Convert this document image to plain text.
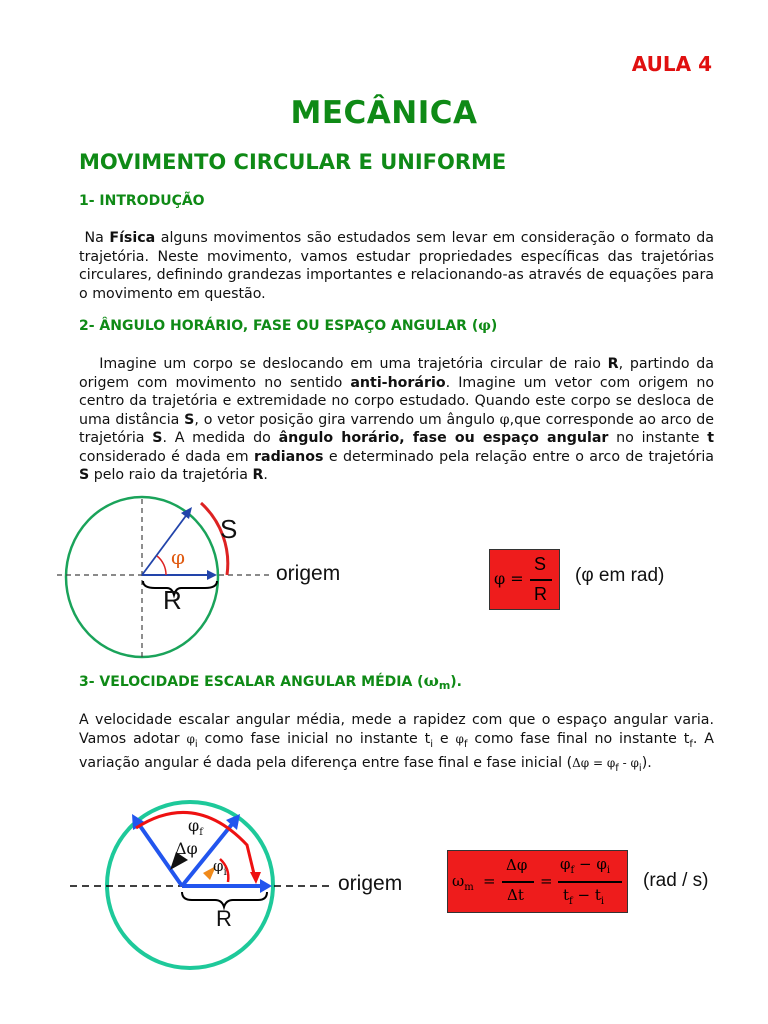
AULA 4
MECÂNICA
MOVIMENTO CIRCULAR E UNIFORME
1- INTRODUÇÃO
Na Física alguns movimentos são estudados sem levar em consideração o formato da trajetória. Neste movimento, vamos estudar propriedades específicas das trajetórias circulares, definindo grandezas importantes e relacionando-as através de equações para o movimento em questão.
2- ÂNGULO HORÁRIO, FASE OU ESPAÇO ANGULAR (φ)
Imagine um corpo se deslocando em uma trajetória circular de raio R, partindo da origem com movimento no sentido anti-horário. Imagine um vetor com origem no centro da trajetória e extremidade no corpo estudado. Quando este corpo se desloca de uma distância S, o vetor posição gira varrendo um ângulo φ,que corresponde ao arco de trajetória S. A medida do ângulo horário, fase ou espaço angular no instante t considerado é dada em radianos e determinado pela relação entre o arco de trajetória S pelo raio da trajetória R.
S
φ
origem
R
φ =
S
R
(φ em rad)
3- VELOCIDADE ESCALAR ANGULAR MÉDIA $(\omega_m)$.
A velocidade escalar angular média, mede a rapidez com que o espaço angular varia. Vamos adotar $\varphi_i$ como fase inicial no instante $t_i$ e $\varphi_f$ como fase final no instante $t_f$. A variação angular é dada pela diferença entre fase final e fase inicial $(\Delta\varphi = \varphi_f - \varphi_i)$.
$\varphi_f$
Δφ
$\varphi_i$	origem
R
$\omega_m$ =
Δφ
Δt
=
$\varphi_f - \varphi_i$
$t_f - t_i$
(rad / s)
